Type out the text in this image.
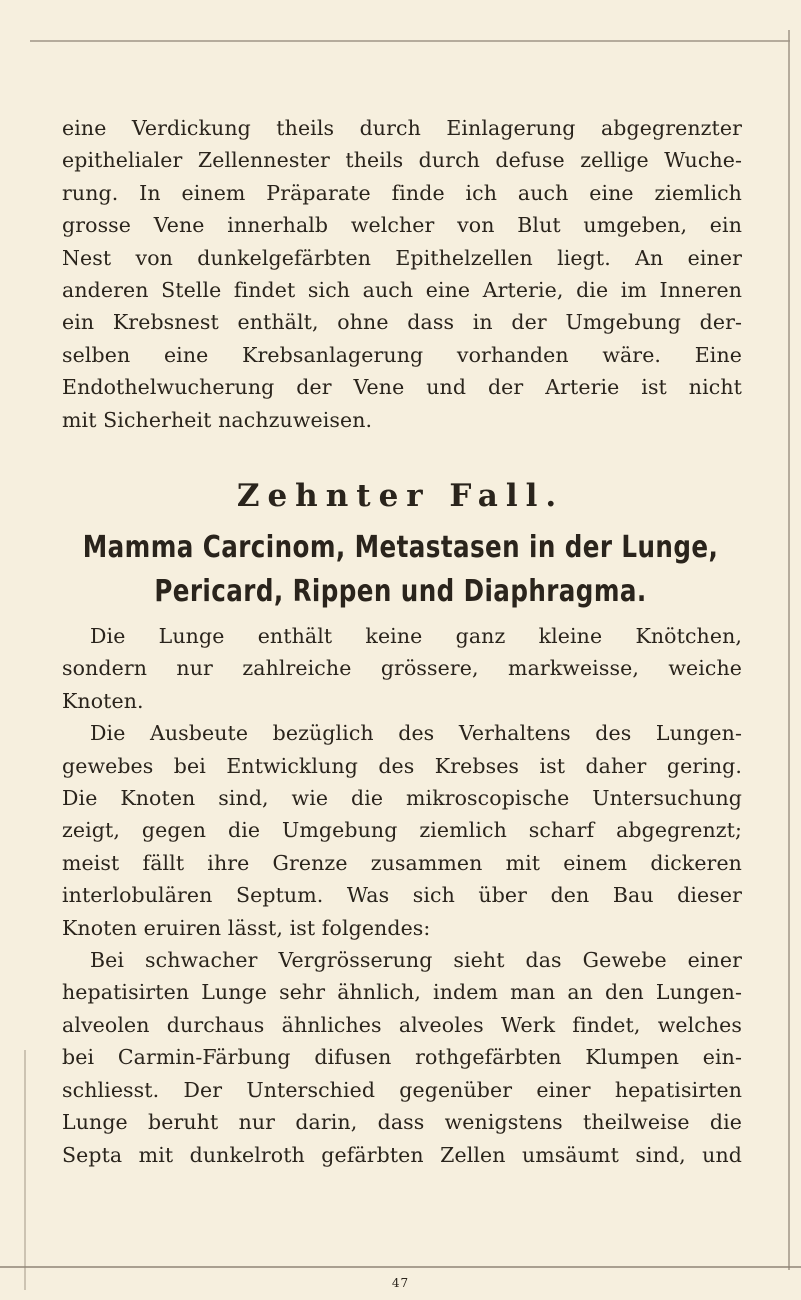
eine Verdickung theils durch Einlagerung abgegrenzter
epithelialer Zellennester theils durch defuse zellige Wuche-
rung. In einem Präparate finde ich auch eine ziemlich
grosse Vene innerhalb welcher von Blut umgeben, ein
Nest von dunkelgefärbten Epithelzellen liegt. An einer
anderen Stelle findet sich auch eine Arterie, die im Inneren
ein Krebsnest enthält, ohne dass in der Umgebung der-
selben eine Krebsanlagerung vorhanden wäre. Eine
Endothelwucherung der Vene und der Arterie ist nicht
mit Sicherheit nachzuweisen.
Zehnter Fall.
Mamma Carcinom, Metastasen in der Lunge,
Pericard, Rippen und Diaphragma.
Die Lunge enthält keine ganz kleine Knötchen,
sondern nur zahlreiche grössere, markweisse, weiche
Knoten.
Die Ausbeute bezüglich des Verhaltens des Lungen-
gewebes bei Entwicklung des Krebses ist daher gering.
Die Knoten sind, wie die mikroscopische Untersuchung
zeigt, gegen die Umgebung ziemlich scharf abgegrenzt;
meist fällt ihre Grenze zusammen mit einem dickeren
interlobulären Septum. Was sich über den Bau dieser
Knoten eruiren lässt, ist folgendes:
Bei schwacher Vergrösserung sieht das Gewebe einer
hepatisirten Lunge sehr ähnlich, indem man an den Lungen-
alveolen durchaus ähnliches alveoles Werk findet, welches
bei Carmin-Färbung difusen rothgefärbten Klumpen ein-
schliesst. Der Unterschied gegenüber einer hepatisirten
Lunge beruht nur darin, dass wenigstens theilweise die
Septa mit dunkelroth gefärbten Zellen umsäumt sind, und
47
